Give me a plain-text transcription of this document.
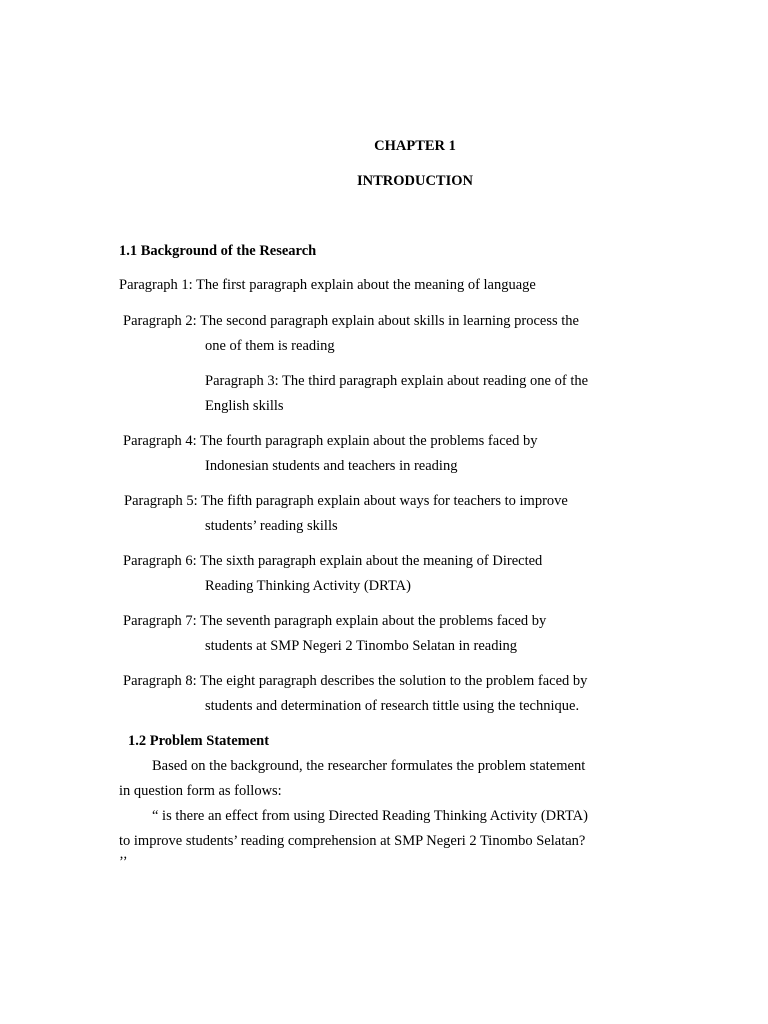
CHAPTER 1
INTRODUCTION
1.1 Background of the Research
Paragraph 1: The first paragraph explain about the meaning of language
Paragraph 2: The second paragraph explain about skills in learning process the
one of them is reading
Paragraph 3: The third paragraph explain about reading one of the
English skills
Paragraph 4: The fourth paragraph explain about the problems faced by
Indonesian students and teachers in reading
Paragraph 5: The fifth paragraph explain about ways for teachers to improve
students’ reading skills
Paragraph 6: The sixth paragraph explain about the meaning of Directed
Reading Thinking Activity (DRTA)
Paragraph 7: The seventh paragraph explain about the problems faced by
students at SMP Negeri 2 Tinombo Selatan in reading
Paragraph 8: The eight paragraph describes the solution to the problem faced by
students and determination of research tittle using the technique.
1.2 Problem Statement
Based on the background, the researcher formulates the problem statement
in question form as follows:
“ is there an effect from using Directed Reading Thinking Activity (DRTA)
to improve students’ reading comprehension at SMP Negeri 2 Tinombo Selatan?
’’
